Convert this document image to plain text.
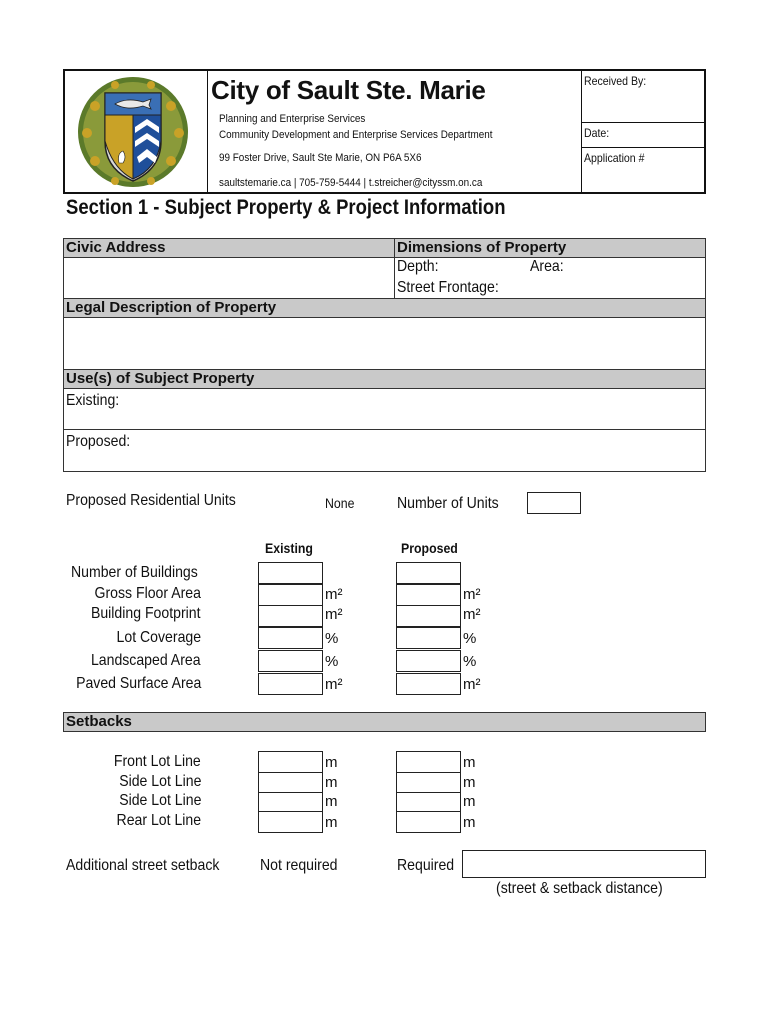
City of Sault Ste. Marie
Planning and Enterprise Services
Community Development and Enterprise Services Department
99 Foster Drive, Sault Ste Marie, ON P6A 5X6
saultstemarie.ca | 705-759-5444 | t.streicher@cityssm.on.ca
Received By:
Date:
Application #
Section 1 - Subject Property & Project Information
Civic Address	Dimensions of Property
Depth:	Area:
Street Frontage:
Legal Description of Property
Use(s) of Subject Property
Existing:
Proposed:
Proposed Residential Units	None	Number of Units
Existing	Proposed
Number of Buildings
Gross Floor Area	m²	m²
Building Footprint	m²	m²
Lot Coverage	%	%
Landscaped Area	%	%
Paved Surface Area	m²	m²
Setbacks
Front Lot Line	m	m
Side Lot Line	m	m
Side Lot Line	m	m
Rear Lot Line	m	m
Additional street setback	Not required	Required
(street & setback distance)
